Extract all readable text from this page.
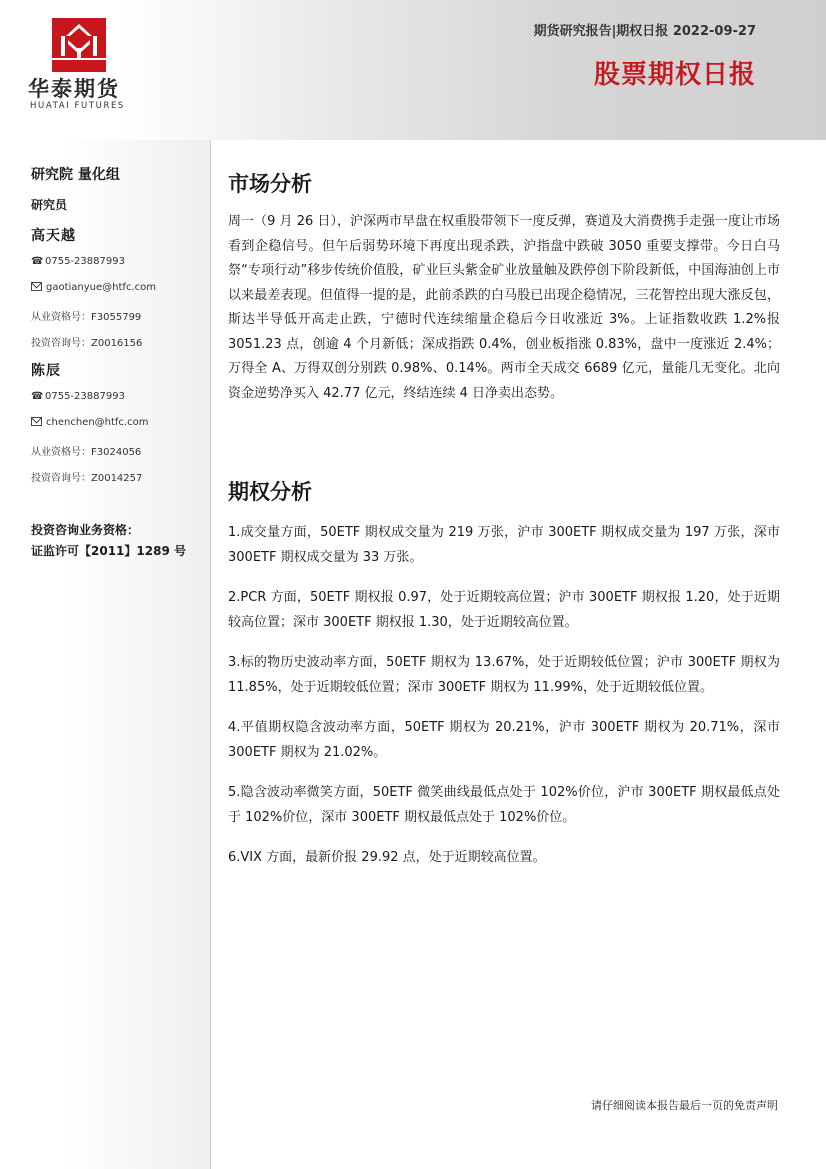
华泰期货
HUATAI FUTURES
期货研究报告|期权日报 2022-09-27
股票期权日报
研究院 量化组
研究员
高天越
☎ 0755-23887993
gaotianyue@htfc.com
从业资格号：F3055799
投资咨询号：Z0016156
陈辰
☎ 0755-23887993
chenchen@htfc.com
从业资格号：F3024056
投资咨询号：Z0014257
投资咨询业务资格：
证监许可【2011】1289 号
市场分析

周一（9 月 26 日），沪深两市早盘在权重股带领下一度反弹，赛道及大消费携手走强一度让市场看到企稳信号。但午后弱势环境下再度出现杀跌，沪指盘中跌破 3050 重要支撑带。今日白马祭“专项行动”移步传统价值股，矿业巨头紫金矿业放量触及跌停创下阶段新低，中国海油创上市以来最差表现。但值得一提的是，此前杀跌的白马股已出现企稳情况，三花智控出现大涨反包，斯达半导低开高走止跌，宁德时代连续缩量企稳后今日收涨近 3%。上证指数收跌 1.2%报 3051.23 点，创逾 4 个月新低；深成指跌 0.4%，创业板指涨 0.83%，盘中一度涨近 2.4%；万得全 A、万得双创分别跌 0.98%、0.14%。两市全天成交 6689 亿元，量能几无变化。北向资金逆势净买入 42.77 亿元，终结连续 4 日净卖出态势。

期权分析

1.成交量方面，50ETF 期权成交量为 219 万张，沪市 300ETF 期权成交量为 197 万张，深市 300ETF 期权成交量为 33 万张。

2.PCR 方面，50ETF 期权报 0.97，处于近期较高位置；沪市 300ETF 期权报 1.20，处于近期较高位置；深市 300ETF 期权报 1.30，处于近期较高位置。

3.标的物历史波动率方面，50ETF 期权为 13.67%，处于近期较低位置；沪市 300ETF 期权为 11.85%，处于近期较低位置；深市 300ETF 期权为 11.99%，处于近期较低位置。

4.平值期权隐含波动率方面，50ETF 期权为 20.21%，沪市 300ETF 期权为 20.71%，深市 300ETF 期权为 21.02%。

5.隐含波动率微笑方面，50ETF 微笑曲线最低点处于 102%价位，沪市 300ETF 期权最低点处于 102%价位，深市 300ETF 期权最低点处于 102%价位。

6.VIX 方面，最新价报 29.92 点，处于近期较高位置。

请仔细阅读本报告最后一页的免责声明
